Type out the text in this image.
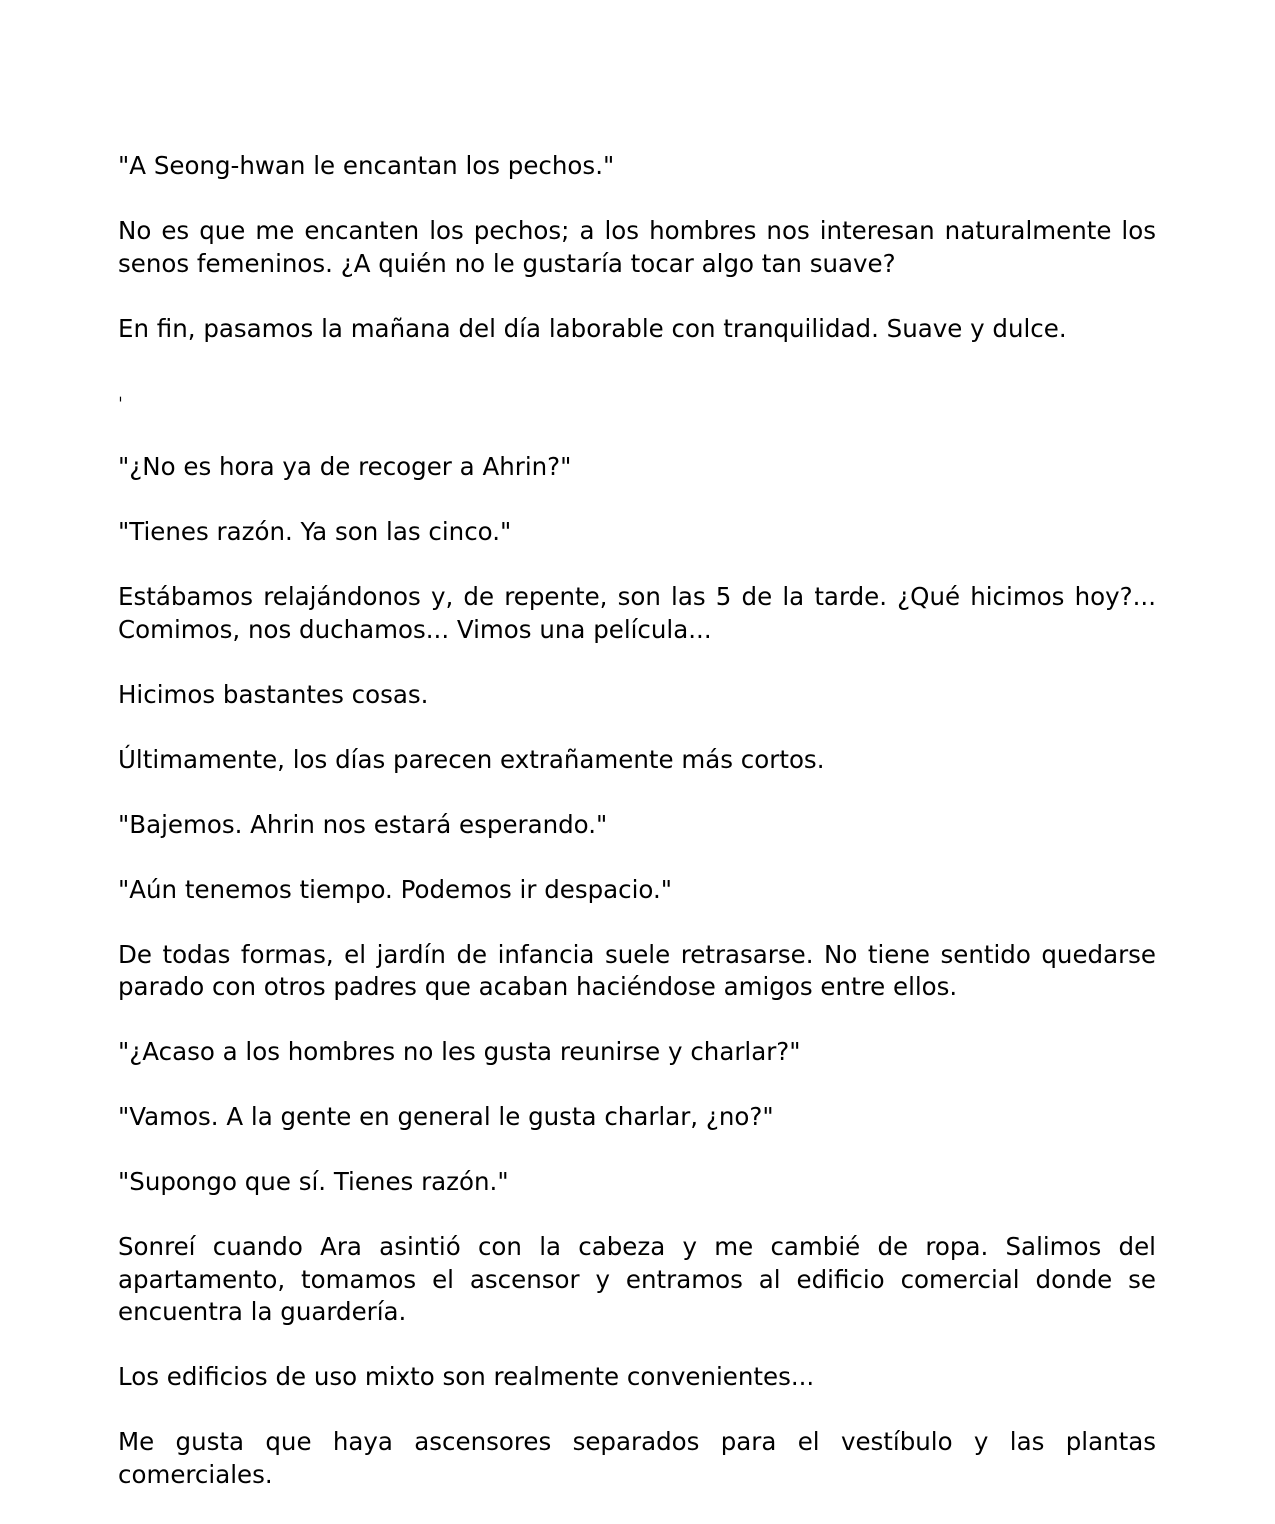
"A Seong-hwan le encantan los pechos."

No es que me encanten los pechos; a los hombres nos interesan naturalmente los senos femeninos. ¿A quién no le gustaría tocar algo tan suave?

En fin, pasamos la mañana del día laborable con tranquilidad. Suave y dulce.

ˌ

"¿No es hora ya de recoger a Ahrin?"

"Tienes razón. Ya son las cinco."

Estábamos relajándonos y, de repente, son las 5 de la tarde. ¿Qué hicimos hoy?... Comimos, nos duchamos... Vimos una película...

Hicimos bastantes cosas.

Últimamente, los días parecen extrañamente más cortos.

"Bajemos. Ahrin nos estará esperando."

"Aún tenemos tiempo. Podemos ir despacio."

De todas formas, el jardín de infancia suele retrasarse. No tiene sentido quedarse parado con otros padres que acaban haciéndose amigos entre ellos.

"¿Acaso a los hombres no les gusta reunirse y charlar?"

"Vamos. A la gente en general le gusta charlar, ¿no?"

"Supongo que sí. Tienes razón."

Sonreí cuando Ara asintió con la cabeza y me cambié de ropa. Salimos del apartamento, tomamos el ascensor y entramos al edificio comercial donde se encuentra la guardería.

Los edificios de uso mixto son realmente convenientes...

Me gusta que haya ascensores separados para el vestíbulo y las plantas comerciales.
